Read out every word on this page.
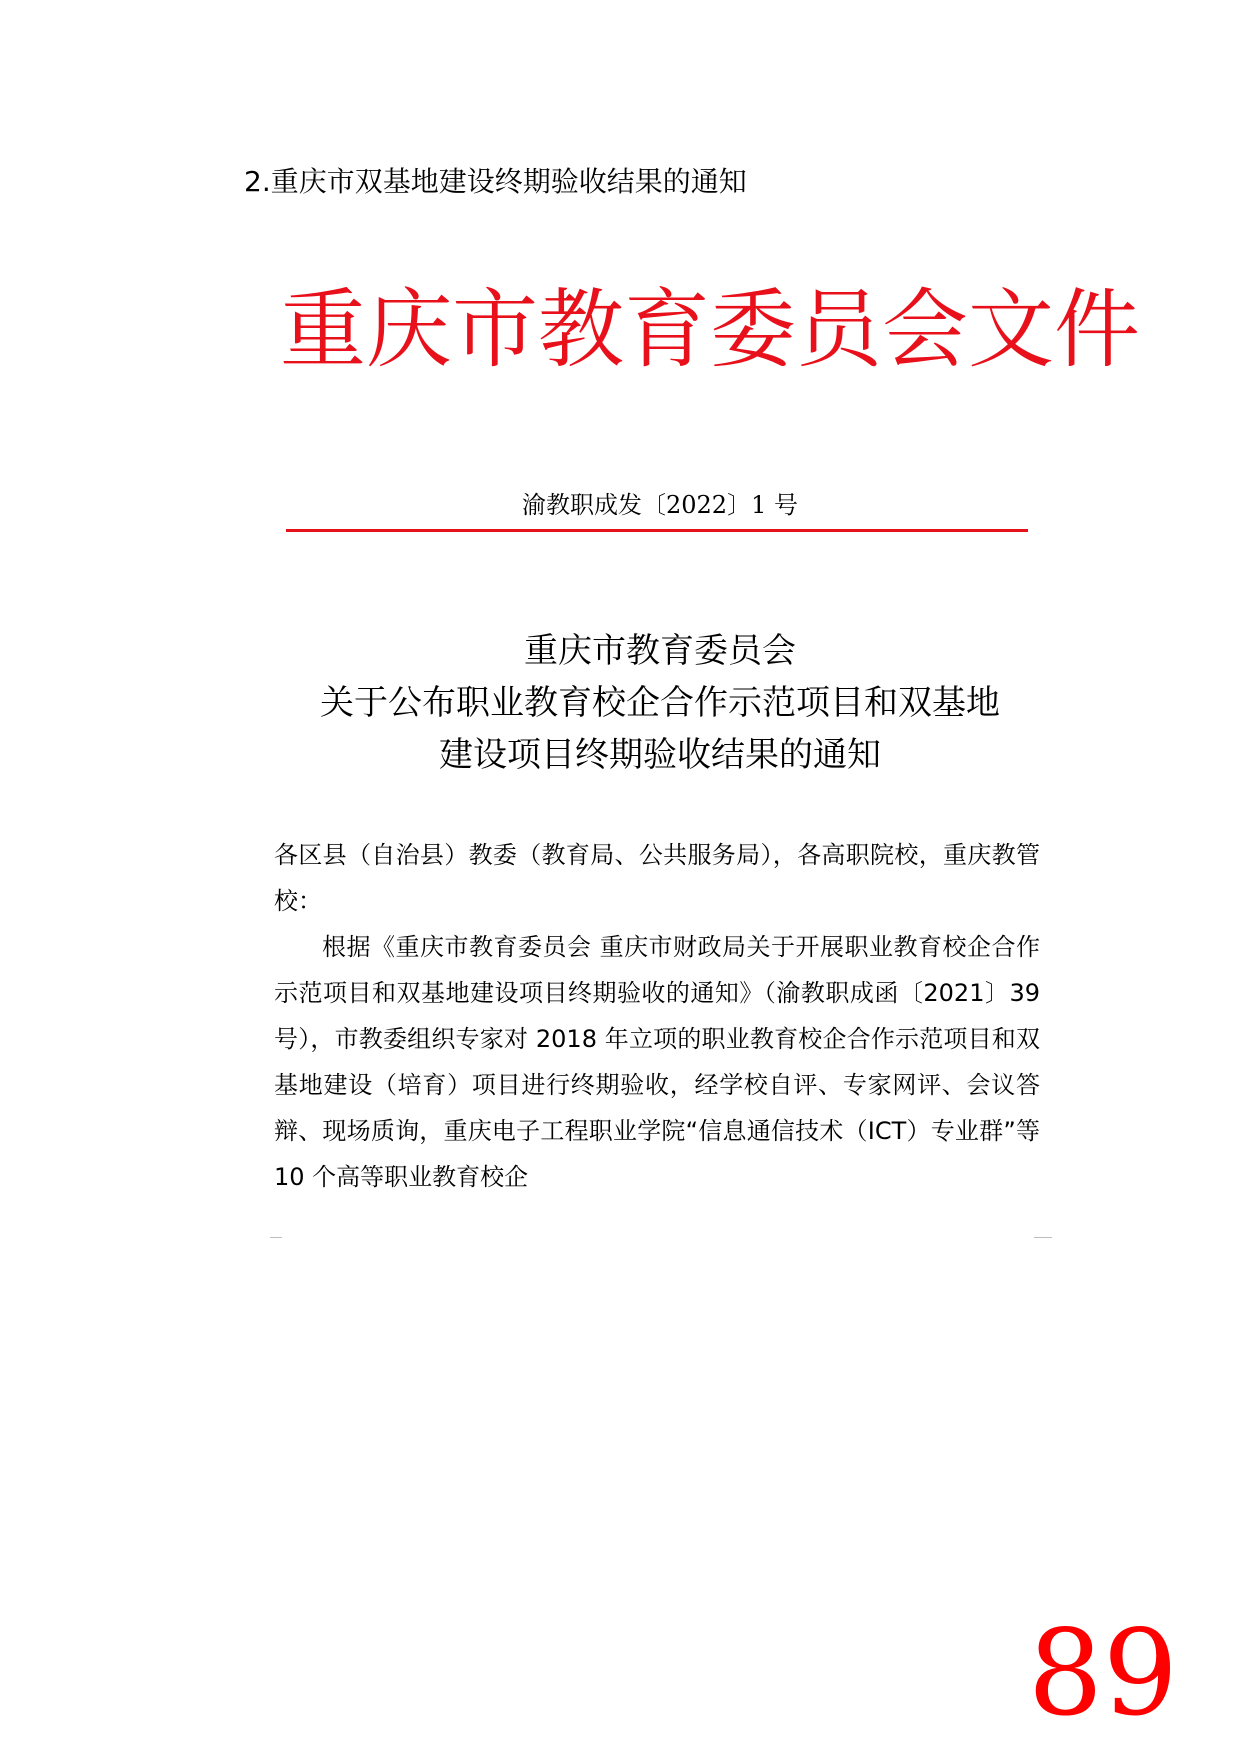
2.重庆市双基地建设终期验收结果的通知
重庆市教育委员会文件
渝教职成发〔2022〕1 号
重庆市教育委员会
关于公布职业教育校企合作示范项目和双基地
建设项目终期验收结果的通知

各区县（自治县）教委（教育局、公共服务局），各高职院校，重庆教管校：

根据《重庆市教育委员会 重庆市财政局关于开展职业教育校企合作示范项目和双基地建设项目终期验收的通知》（渝教职成函〔2021〕39 号），市教委组织专家对 2018 年立项的职业教育校企合作示范项目和双基地建设（培育）项目进行终期验收，经学校自评、专家网评、会议答辩、现场质询，重庆电子工程职业学院“信息通信技术（ICT）专业群”等 10 个高等职业教育校企

89
